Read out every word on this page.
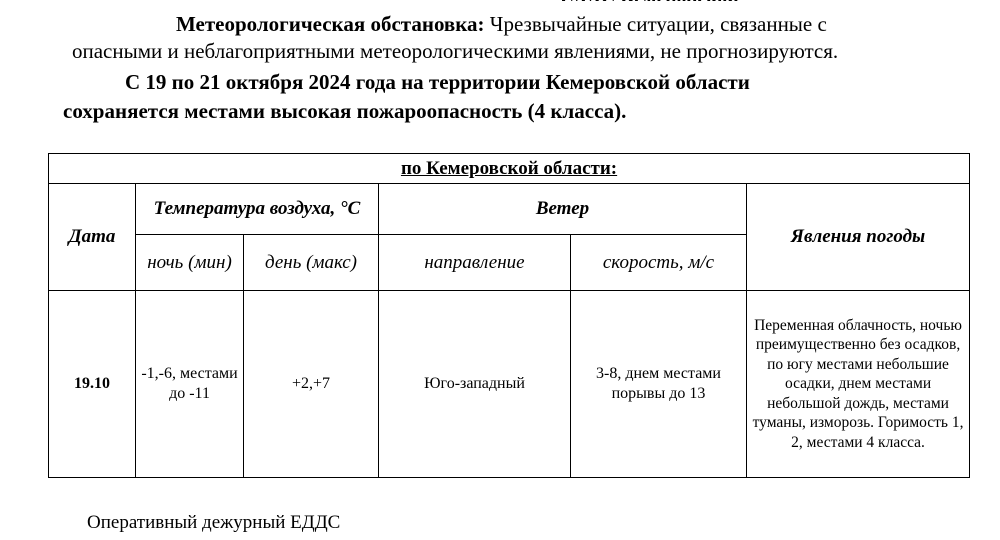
Метеорологическая обстановка: Чрезвычайные ситуации, связанные с
опасными и неблагоприятными метеорологическими явлениями, не прогнозируются.
С 19 по 21 октября 2024 года на территории Кемеровской области
сохраняется местами высокая пожароопасность (4 класса).
по Кемеровской области:					
Дата	Температура воздуха, °С		Ветер		Явления погоды
	ночь (мин)	день (макс)	направление	скорость, м/с	
19.10	-1,-6, местами до -11	+2,+7	Юго-западный	3-8, днем местами порывы до 13	Переменная облачность, ночью преимущественно без осадков, по югу местами небольшие осадки, днем местами небольшой дождь, местами туманы, изморозь. Горимость 1, 2, местами 4 класса.
Оперативный дежурный ЕДДС
